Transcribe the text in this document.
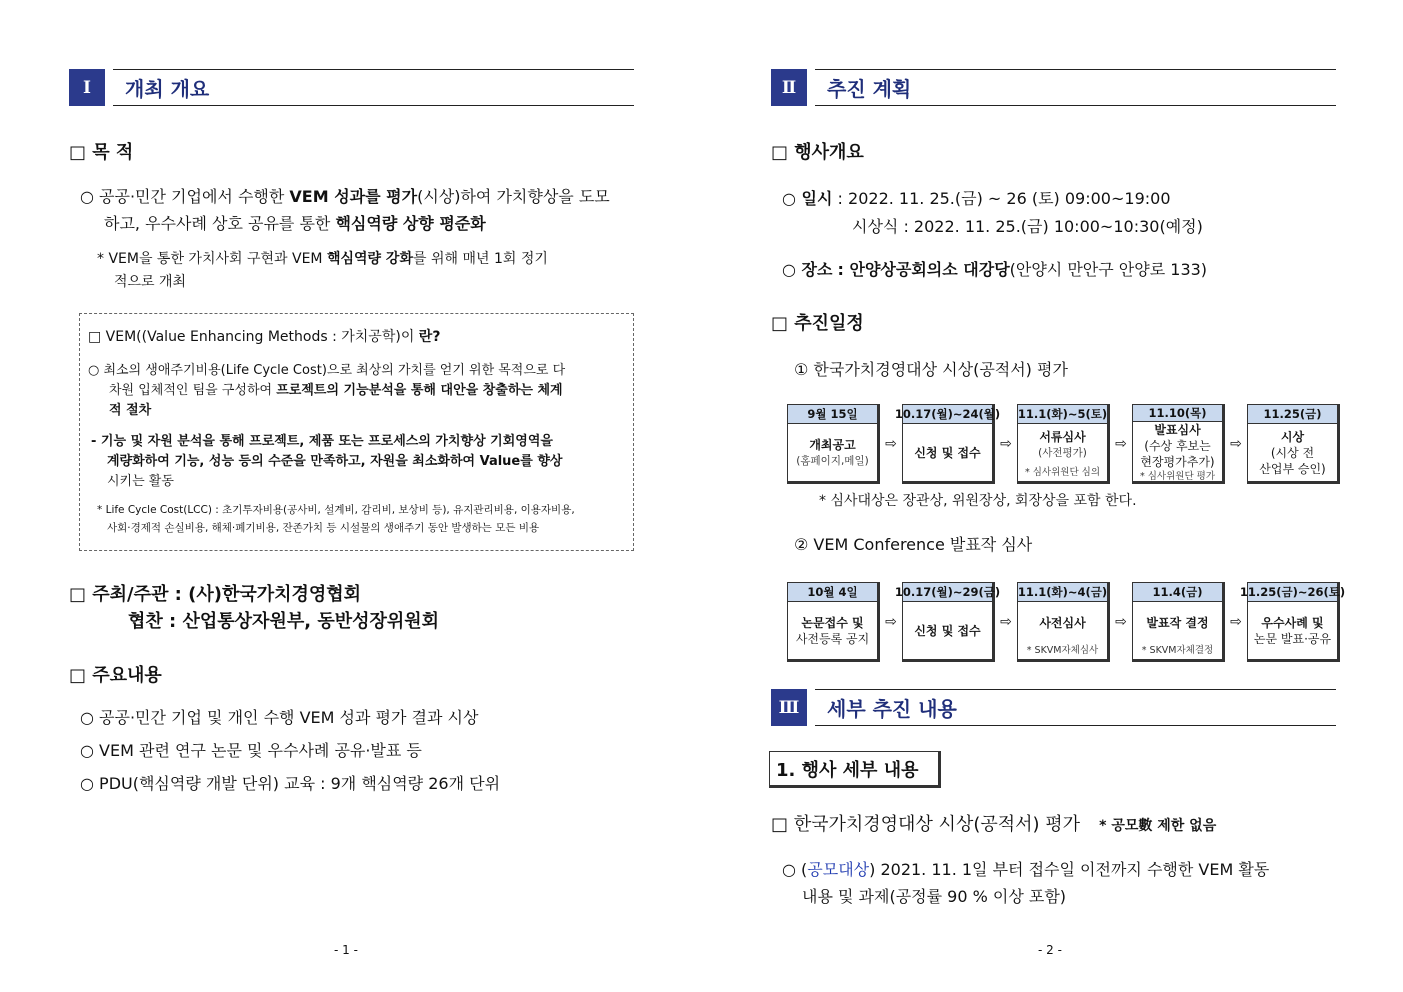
Ⅰ	개최 개요
□ 목 적
○ 공공·민간 기업에서 수행한 VEM 성과를 평가(시상)하여 가치향상을 도모
하고, 우수사례 상호 공유를 통한 핵심역량 상향 평준화
* VEM을 통한 가치사회 구현과 VEM 핵심역량 강화를 위해 매년 1회 정기
적으로 개최
□ VEM((Value Enhancing Methods : 가치공학)이 란?
○ 최소의 생애주기비용(Life Cycle Cost)으로 최상의 가치를 얻기 위한 목적으로 다
차원 입체적인 팀을 구성하여 프로젝트의 기능분석을 통해 대안을 창출하는 체계
적 절차
- 기능 및 자원 분석을 통해 프로젝트, 제품 또는 프로세스의 가치향상 기회영역을
계량화하여 기능, 성능 등의 수준을 만족하고, 자원을 최소화하여 Value를 향상
시키는 활동
* Life Cycle Cost(LCC) : 초기투자비용(공사비, 설계비, 감리비, 보상비 등), 유지관리비용, 이용자비용,
사회·경제적 손실비용, 해체·폐기비용, 잔존가치 등 시설물의 생애주기 동안 발생하는 모든 비용
□ 주최/주관 : (사)한국가치경영협회
협찬 : 산업통상자원부, 동반성장위원회
□ 주요내용
○ 공공·민간 기업 및 개인 수행 VEM 성과 평가 결과 시상
○ VEM 관련 연구 논문 및 우수사례 공유·발표 등
○ PDU(핵심역량 개발 단위) 교육 : 9개 핵심역량 26개 단위
- 1 -
Ⅱ	추진 계획
□ 행사개요
○ 일시 : 2022. 11. 25.(금) ~ 26 (토) 09:00~19:00
시상식 : 2022. 11. 25.(금) 10:00~10:30(예정)
○ 장소 : 안양상공회의소 대강당(안양시 만안구 안양로 133)
□ 추진일정
① 한국가치경영대상 시상(공적서) 평가
9월 15일
개최공고
(홈페이지,메일)
⇨
10.17(월)~24(월)
신청 및 접수
⇨
11.1(화)~5(토)
서류심사
(사전평가)
* 심사위원단 심의
⇨
11.10(목)
발표심사
(수상 후보는
현장평가추가)
* 심사위원단 평가
⇨
11.25(금)
시상
(시상 전
산업부 승인)
* 심사대상은 장관상, 위원장상, 회장상을 포함 한다.
② VEM Conference 발표작 심사
10월 4일
논문접수 및
사전등록 공지
⇨
10.17(월)~29(금)
신청 및 접수
⇨
11.1(화)~4(금)
사전심사
* SKVM자체심사
⇨
11.4(금)
발표작 결정
* SKVM자체결정
⇨
11.25(금)~26(토)
우수사례 및
논문 발표·공유
Ⅲ	세부 추진 내용
1. 행사 세부 내용
□ 한국가치경영대상 시상(공적서) 평가 * 공모數 제한 없음
○ (공모대상) 2021. 11. 1일 부터 접수일 이전까지 수행한 VEM 활동
내용 및 과제(공정률 90 % 이상 포함)
- 2 -
